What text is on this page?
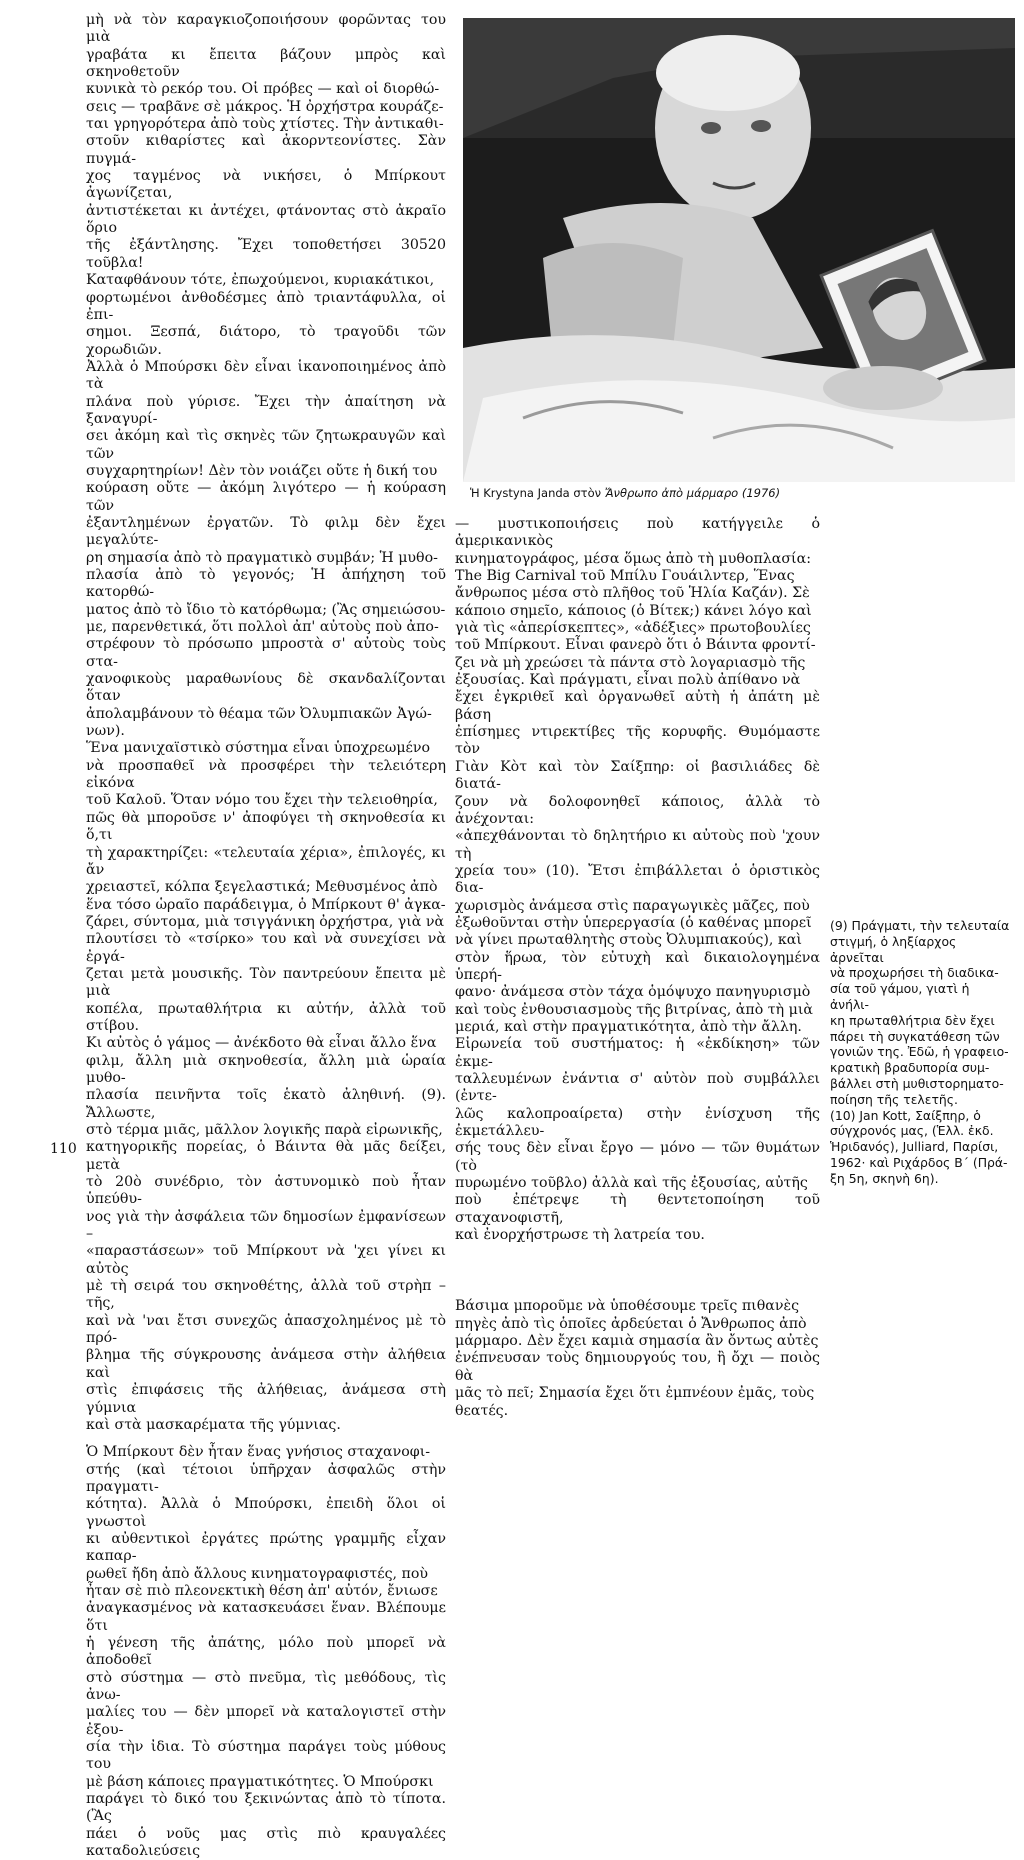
μὴ νὰ τὸν καραγκιοζοποιήσουν φορῶντας του μιὰ
γραβάτα κι ἔπειτα βάζουν μπρὸς καὶ σκηνοθετοῦν
κυνικὰ τὸ ρεκόρ του. Οἱ πρόβες — καὶ οἱ διορθώ-
σεις — τραβᾶνε σὲ μάκρος. Ἡ ὀρχήστρα κουράζε-
ται γρηγορότερα ἀπὸ τοὺς χτίστες. Τὴν ἀντικαθι-
στοῦν κιθαρίστες καὶ ἀκορντεονίστες. Σὰν πυγμά-
χος ταγμένος νὰ νικήσει, ὁ Μπίρκουτ ἀγωνίζεται,
ἀντιστέκεται κι ἀντέχει, φτάνοντας στὸ ἀκραῖο ὅριο
τῆς ἐξάντλησης. Ἔχει τοποθετήσει 30520 τοῦβλα!
Καταφθάνουν τότε, ἐπωχούμενοι, κυριακάτικοι,
φορτωμένοι ἀνθοδέσμες ἀπὸ τριαντάφυλλα, οἱ ἐπι-
σημοι. Ξεσπά, διάτορο, τὸ τραγοῦδι τῶν χορωδιῶν.
Ἀλλὰ ὁ Μπούρσκι δὲν εἶναι ἱκανοποιημένος ἀπὸ τὰ
πλάνα ποὺ γύρισε. Ἔχει τὴν ἀπαίτηση νὰ ξαναγυρί-
σει ἀκόμη καὶ τὶς σκηνὲς τῶν ζητωκραυγῶν καὶ τῶν
συγχαρητηρίων! Δὲν τὸν νοιάζει οὔτε ἡ δική του
κούραση οὔτε — ἀκόμη λιγότερο — ἡ κούραση τῶν
ἐξαντλημένων ἐργατῶν. Τὸ φιλμ δὲν ἔχει μεγαλύτε-
ρη σημασία ἀπὸ τὸ πραγματικὸ συμβάν; Ἡ μυθο-
πλασία ἀπὸ τὸ γεγονός; Ἡ ἀπήχηση τοῦ κατορθώ-
ματος ἀπὸ τὸ ἴδιο τὸ κατόρθωμα; (Ἂς σημειώσου-
με, παρενθετικά, ὅτι πολλοὶ ἀπ' αὐτοὺς ποὺ ἀπο-
στρέφουν τὸ πρόσωπο μπροστὰ σ' αὐτοὺς τοὺς στα-
χανοφικοὺς μαραθωνίους δὲ σκανδαλίζονται ὅταν
ἀπολαμβάνουν τὸ θέαμα τῶν Ὀλυμπιακῶν Ἀγώ-
νων).

Ἕνα μανιχαϊστικὸ σύστημα εἶναι ὑποχρεωμένο
νὰ προσπαθεῖ νὰ προσφέρει τὴν τελειότερη εἰκόνα
τοῦ Καλοῦ. Ὅταν νόμο του ἔχει τὴν τελειοθηρία,
πῶς θὰ μποροῦσε ν' ἀποφύγει τὴ σκηνοθεσία κι ὅ,τι
τὴ χαρακτηρίζει: «τελευταία χέρια», ἐπιλογές, κι ἄν
χρειαστεῖ, κόλπα ξεγελαστικά; Μεθυσμένος ἀπὸ
ἕνα τόσο ὡραῖο παράδειγμα, ὁ Μπίρκουτ θ' ἀγκα-
ζάρει, σύντομα, μιὰ τσιγγάνικη ὀρχήστρα, γιὰ νὰ
πλουτίσει τὸ «τσίρκο» του καὶ νὰ συνεχίσει νὰ ἐργά-
ζεται μετὰ μουσικῆς. Τὸν παντρεύουν ἔπειτα μὲ μιὰ
κοπέλα, πρωταθλήτρια κι αὐτήν, ἀλλὰ τοῦ στίβου.
Κι αὐτὸς ὁ γάμος — ἀνέκδοτο θὰ εἶναι ἄλλο ἕνα
φιλμ, ἄλλη μιὰ σκηνοθεσία, ἄλλη μιὰ ὡραία μυθο-
πλασία πεινῆντα τοῖς ἑκατὸ ἀληθινή. (9). Ἄλλωστε,
στὸ τέρμα μιᾶς, μᾶλλον λογικῆς παρὰ εἰρωνικῆς,
κατηγορικῆς πορείας, ὁ Βάιντα θὰ μᾶς δείξει, μετὰ
τὸ 20ὸ συνέδριο, τὸν ἀστυνομικὸ ποὺ ἦταν ὑπεύθυ-
νος γιὰ τὴν ἀσφάλεια τῶν δημοσίων ἐμφανίσεων –
«παραστάσεων» τοῦ Μπίρκουτ νὰ 'χει γίνει κι αὐτὸς
μὲ τὴ σειρά του σκηνοθέτης, ἀλλὰ τοῦ στρὴπ – τῆς,
καὶ νὰ 'ναι ἔτσι συνεχῶς ἀπασχολημένος μὲ τὸ πρό-
βλημα τῆς σύγκρουσης ἀνάμεσα στὴν ἀλήθεια καὶ
στὶς ἐπιφάσεις τῆς ἀλήθειας, ἀνάμεσα στὴ γύμνια
καὶ στὰ μασκαρέματα τῆς γύμνιας.

Ὁ Μπίρκουτ δὲν ἦταν ἕνας γνήσιος σταχανοφι-
στής (καὶ τέτοιοι ὑπῆρχαν ἀσφαλῶς στὴν πραγματι-
κότητα). Ἀλλὰ ὁ Μπούρσκι, ἐπειδὴ ὅλοι οἱ γνωστοὶ
κι αὐθεντικοὶ ἐργάτες πρώτης γραμμῆς εἶχαν καπαρ-
ρωθεῖ ἤδη ἀπὸ ἄλλους κινηματογραφιστές, ποὺ
ἦταν σὲ πιὸ πλεονεκτικὴ θέση ἀπ' αὐτόν, ἔνιωσε
ἀναγκασμένος νὰ κατασκευάσει ἕναν. Βλέπουμε ὅτι
ἡ γένεση τῆς ἀπάτης, μόλο ποὺ μπορεῖ νὰ ἀποδοθεῖ
στὸ σύστημα — στὸ πνεῦμα, τὶς μεθόδους, τὶς ἀνω-
μαλίες του — δὲν μπορεῖ νὰ καταλογιστεῖ στὴν ἐξου-
σία τὴν ἰδια. Τὸ σύστημα παράγει τοὺς μύθους του
μὲ βάση κάποιες πραγματικότητες. Ὁ Μπούρσκι
παράγει τὸ δικό του ξεκινώντας ἀπὸ τὸ τίποτα. (Ἂς
πάει ὁ νοῦς μας στὶς πιὸ κραυγαλέες καταδολιεύσεις

110
Ἡ Krystyna Janda στὸν Ἄνθρωπο ἀπὸ μάρμαρο (1976)

— μυστικοποιήσεις ποὺ κατήγγειλε ὁ ἀμερικανικὸς
κινηματογράφος, μέσα ὅμως ἀπὸ τὴ μυθοπλασία:
The Big Carnival τοῦ Μπίλυ Γουάιλντερ, Ἕνας
ἄνθρωπος μέσα στὸ πλῆθος τοῦ Ἡλία Καζάν). Σὲ
κάποιο σημεῖο, κάποιος (ὁ Βίτεκ;) κάνει λόγο καὶ
γιὰ τὶς «ἀπερίσκεπτες», «ἀδέξιες» πρωτοβουλίες
τοῦ Μπίρκουτ. Εἶναι φανερὸ ὅτι ὁ Βάιντα φροντί-
ζει νὰ μὴ χρεώσει τὰ πάντα στὸ λογαριασμὸ τῆς
ἐξουσίας. Καὶ πράγματι, εἶναι πολὺ ἀπίθανο νὰ
ἔχει ἐγκριθεῖ καὶ ὀργανωθεῖ αὐτὴ ἡ ἀπάτη μὲ βάση
ἐπίσημες ντιρεκτίβες τῆς κορυφῆς. Θυμόμαστε τὸν
Γιὰν Κὸτ καὶ τὸν Σαίξπηρ: οἱ βασιλιάδες δὲ διατά-
ζουν νὰ δολοφονηθεῖ κάποιος, ἀλλὰ τὸ ἀνέχονται:
«ἀπεχθάνονται τὸ δηλητήριο κι αὐτοὺς ποὺ 'χουν τὴ
χρεία του» (10). Ἔτσι ἐπιβάλλεται ὁ ὁριστικὸς δια-
χωρισμὸς ἀνάμεσα στὶς παραγωγικὲς μᾶζες, ποὺ
ἐξωθοῦνται στὴν ὑπερεργασία (ὁ καθένας μπορεῖ
νὰ γίνει πρωταθλητὴς στοὺς Ὀλυμπιακούς), καὶ
στὸν ἥρωα, τὸν εὐτυχὴ καὶ δικαιολογημένα ὑπερή-
φανο· ἀνάμεσα στὸν τάχα ὁμόψυχο πανηγυρισμὸ
καὶ τοὺς ἐνθουσιασμοὺς τῆς βιτρίνας, ἀπὸ τὴ μιὰ
μεριά, καὶ στὴν πραγματικότητα, ἀπὸ τὴν ἄλλη.
Εἰρωνεία τοῦ συστήματος: ἡ «ἐκδίκηση» τῶν ἐκμε-
ταλλευμένων ἐνάντια σ' αὐτὸν ποὺ συμβάλλει (ἐντε-
λῶς καλοπροαίρετα) στὴν ἐνίσχυση τῆς ἐκμετάλλευ-
σής τους δὲν εἶναι ἔργο — μόνο — τῶν θυμάτων (τὸ
πυρωμένο τοῦβλο) ἀλλὰ καὶ τῆς ἐξουσίας, αὐτῆς
ποὺ ἐπέτρεψε τὴ θεντετοποίηση τοῦ σταχανοφιστῆ,
καὶ ἐνορχήστρωσε τὴ λατρεία του.

Βάσιμα μποροῦμε νὰ ὑποθέσουμε τρεῖς πιθανὲς
πηγὲς ἀπὸ τὶς ὁποῖες ἀρδεύεται ὁ Ἄνθρωπος ἀπὸ
μάρμαρο. Δὲν ἔχει καμιὰ σημασία ἂν ὄντως αὐτὲς
ἐνέπνευσαν τοὺς δημιουργούς του, ἢ ὄχι — ποιὸς θὰ
μᾶς τὸ πεῖ; Σημασία ἔχει ὅτι ἐμπνέουν ἐμᾶς, τοὺς
θεατές.

(9) Πράγματι, τὴν τελευταία
στιγμή, ὁ ληξίαρχος ἀρνεῖται
νὰ προχωρήσει τὴ διαδικα-
σία τοῦ γάμου, γιατὶ ἡ ἀνήλι-
κη πρωταθλήτρια δὲν ἔχει
πάρει τὴ συγκατάθεση τῶν
γονιῶν της. Ἐδῶ, ἡ γραφειο-
κρατικὴ βραδυπορία συμ-
βάλλει στὴ μυθιστορηματο-
ποίηση τῆς τελετῆς.
(10) Jan Kott, Σαίξπηρ, ὁ
σύγχρονός μας, (Ἑλλ. ἐκδ.
Ἡριδανός), Julliard, Παρίσι,
1962· καὶ Ριχάρδος Β΄ (Πρά-
ξη 5η, σκηνὴ 6η).
